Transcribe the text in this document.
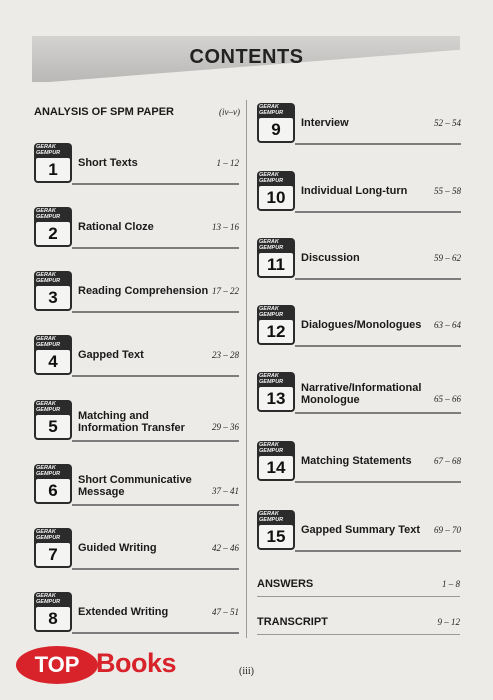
CONTENTS
ANALYSIS OF SPM PAPER	(iv–v)
GERAK GEMPUR
1	Short Texts	1 – 12
GERAK GEMPUR
2	Rational Cloze	13 – 16
GERAK GEMPUR
3	Reading Comprehension 17 – 22
GERAK GEMPUR
4	Gapped Text	23 – 28
GERAK GEMPUR
5
Matching and
Information Transfer	29 – 36
GERAK GEMPUR
6
Short Communicative
Message	37 – 41
GERAK GEMPUR
7	Guided Writing	42 – 46
GERAK GEMPUR
8	Extended Writing	47 – 51
GERAK GEMPUR
9	Interview	52 – 54
GERAK GEMPUR
10	Individual Long-turn	55 – 58
GERAK GEMPUR
11	Discussion	59 – 62
GERAK GEMPUR
12	Dialogues/Monologues 63 – 64
GERAK GEMPUR
13
Narrative/Informational
Monologue	65 – 66
GERAK GEMPUR
14	Matching Statements 67 – 68
GERAK GEMPUR
15	Gapped Summary Text 69 – 70
ANSWERS	1 – 8
TRANSCRIPT	9 – 12
(iii)
TOP Books
